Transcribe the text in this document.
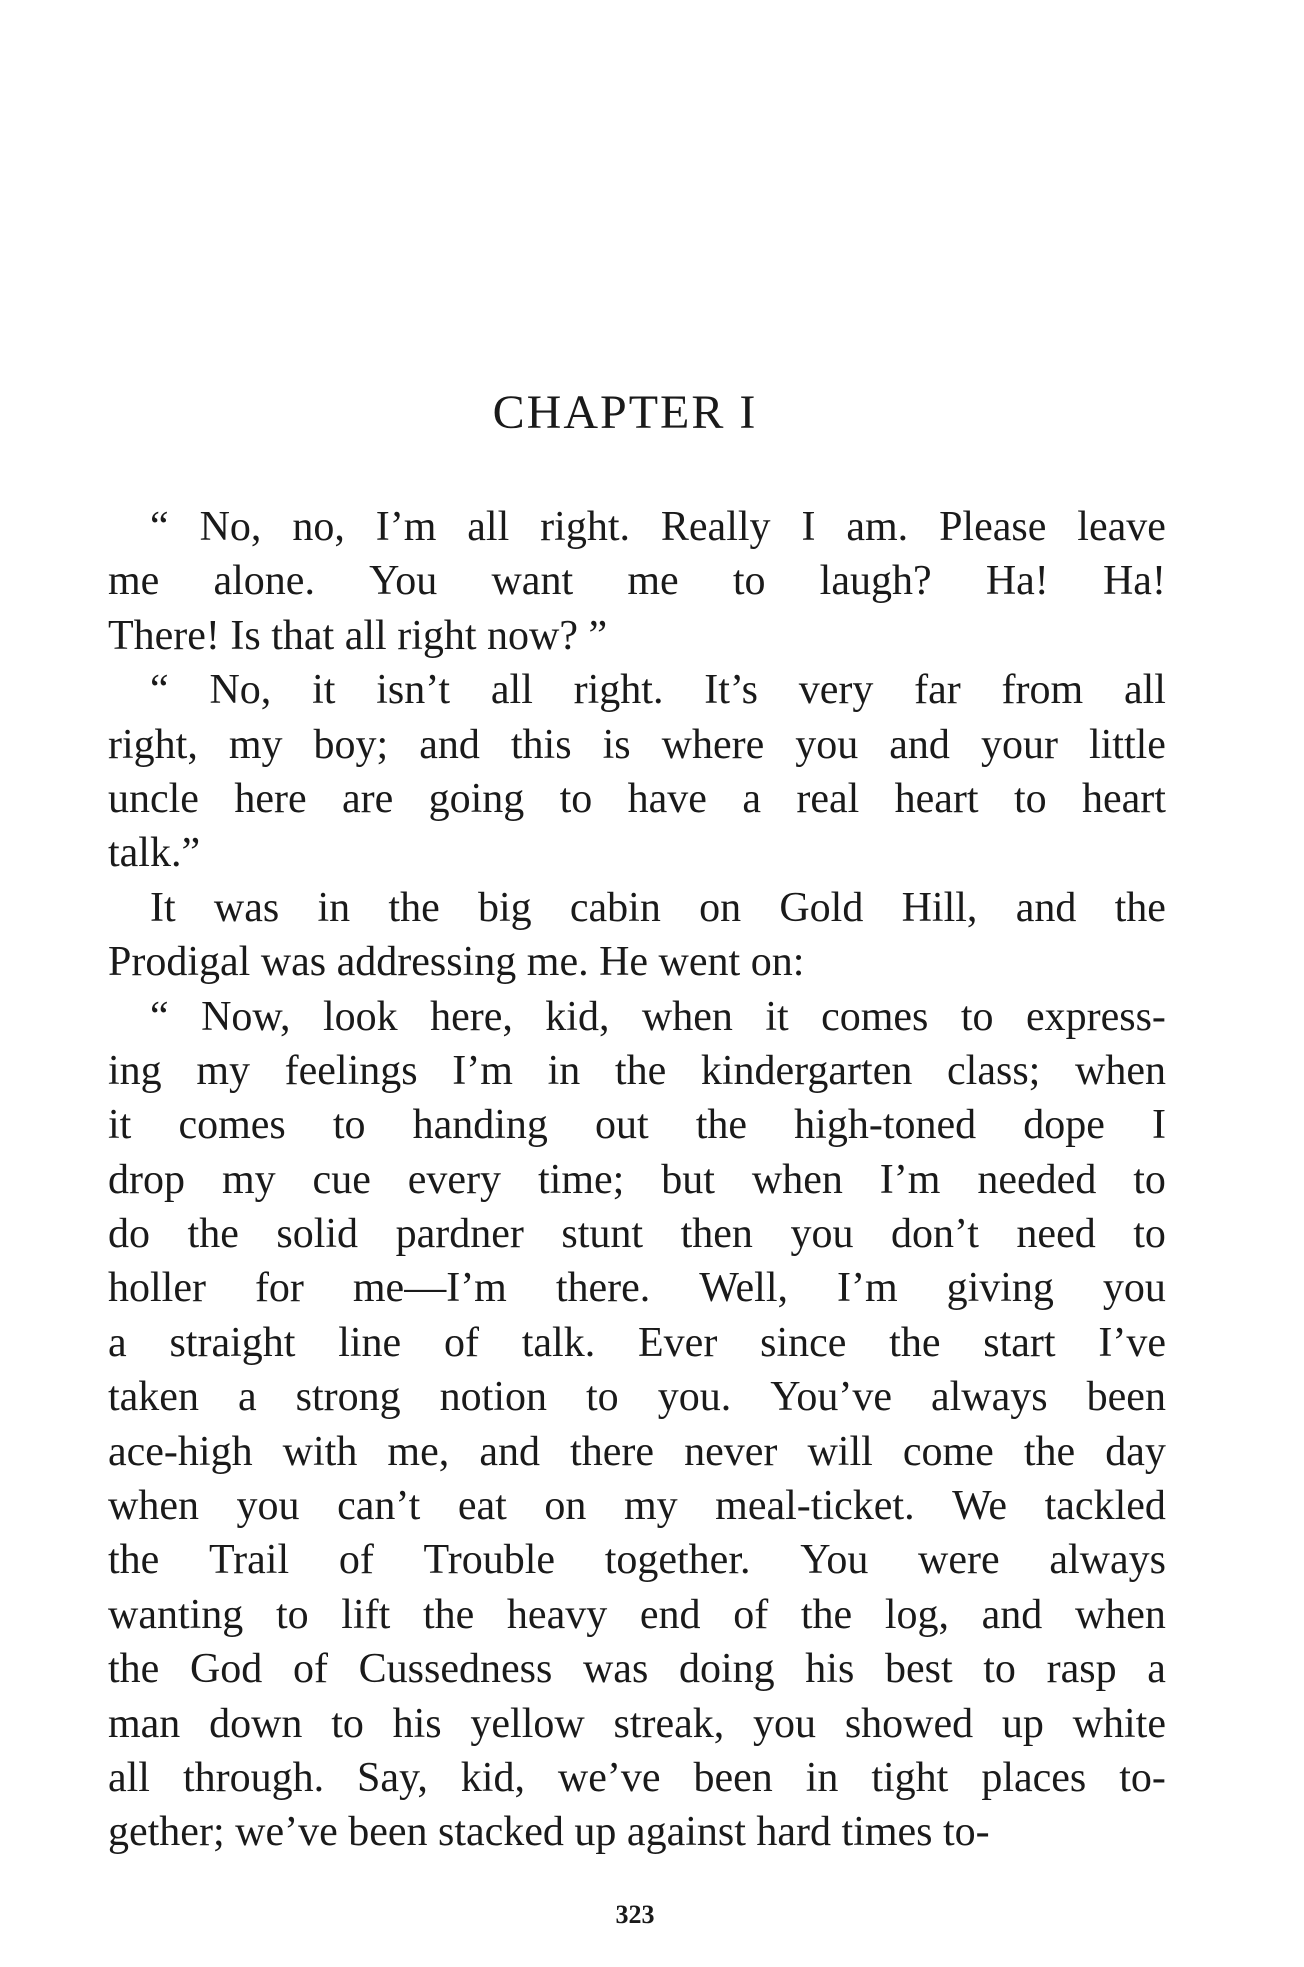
CHAPTER I
“ No, no, I’m all right. Really I am. Please leave
me alone. You want me to laugh? Ha! Ha!
There! Is that all right now? ”
“ No, it isn’t all right. It’s very far from all
right, my boy; and this is where you and your little
uncle here are going to have a real heart to heart
talk.”
It was in the big cabin on Gold Hill, and the
Prodigal was addressing me. He went on:
“ Now, look here, kid, when it comes to express-
ing my feelings I’m in the kindergarten class; when
it comes to handing out the high-toned dope I
drop my cue every time; but when I’m needed to
do the solid pardner stunt then you don’t need to
holler for me—I’m there. Well, I’m giving you
a straight line of talk. Ever since the start I’ve
taken a strong notion to you. You’ve always been
ace-high with me, and there never will come the day
when you can’t eat on my meal-ticket. We tackled
the Trail of Trouble together. You were always
wanting to lift the heavy end of the log, and when
the God of Cussedness was doing his best to rasp a
man down to his yellow streak, you showed up white
all through. Say, kid, we’ve been in tight places to-
gether; we’ve been stacked up against hard times to-
323
